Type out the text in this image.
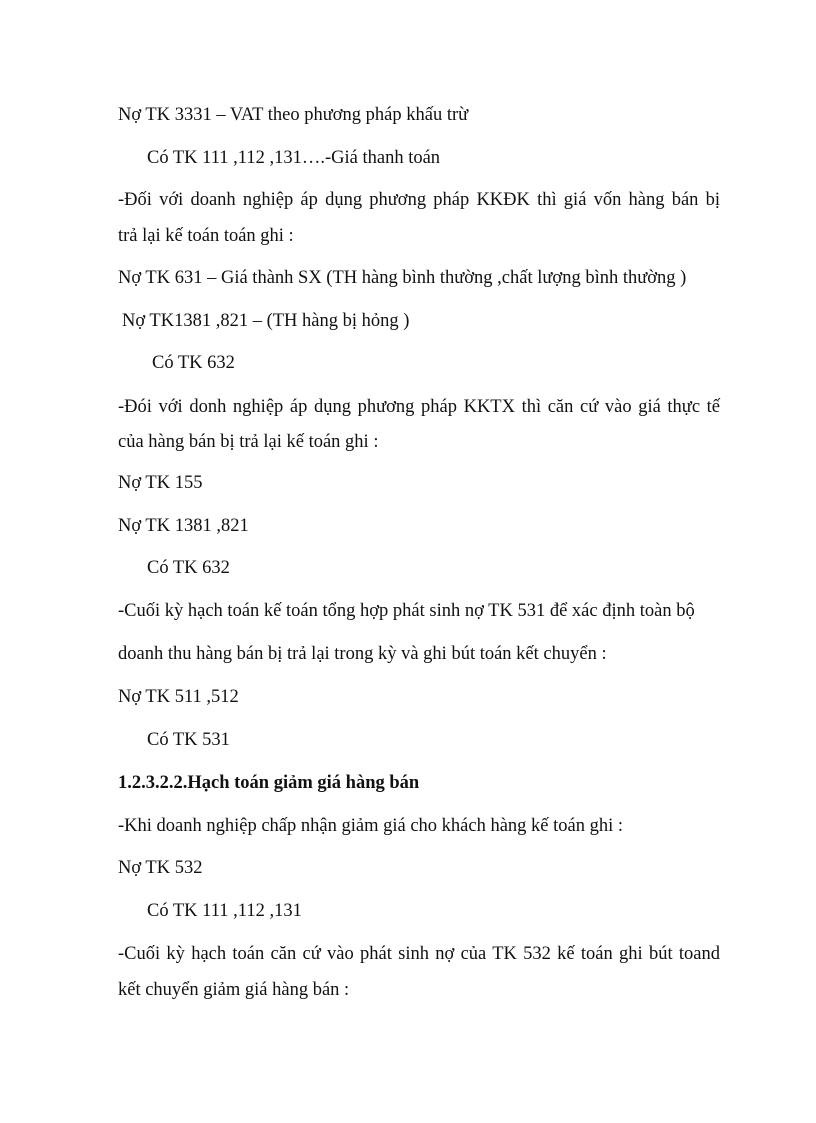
Nợ TK 3331 – VAT theo phương pháp khấu trừ
Có TK 111 ,112 ,131….-Giá thanh toán
-Đối với doanh nghiệp áp dụng phương pháp KKĐK thì giá vốn hàng bán bị
trả lại kế toán toán ghi :
Nợ TK 631 – Giá thành SX (TH hàng bình thường ,chất lượng bình thường )
Nợ TK1381 ,821 – (TH hàng bị hỏng )
Có TK 632
-Đói với donh nghiệp áp dụng phương pháp KKTX thì căn cứ vào giá thực tế
của hàng bán bị trả lại kế toán ghi :
Nợ TK 155
Nợ TK 1381 ,821
Có TK 632
-Cuối kỳ hạch toán kế toán tổng hợp phát sinh nợ TK 531 để xác định toàn bộ
doanh thu hàng bán bị trả lại trong kỳ và ghi bút toán kết chuyển :
Nợ TK 511 ,512
Có TK 531
1.2.3.2.2.Hạch toán giảm giá hàng bán
-Khi doanh nghiệp chấp nhận giảm giá cho khách hàng kế toán ghi :
Nợ TK 532
Có TK 111 ,112 ,131
-Cuối kỳ hạch toán căn cứ vào phát sinh nợ của TK 532 kế toán ghi bút toand
kết chuyển giảm giá hàng bán :
